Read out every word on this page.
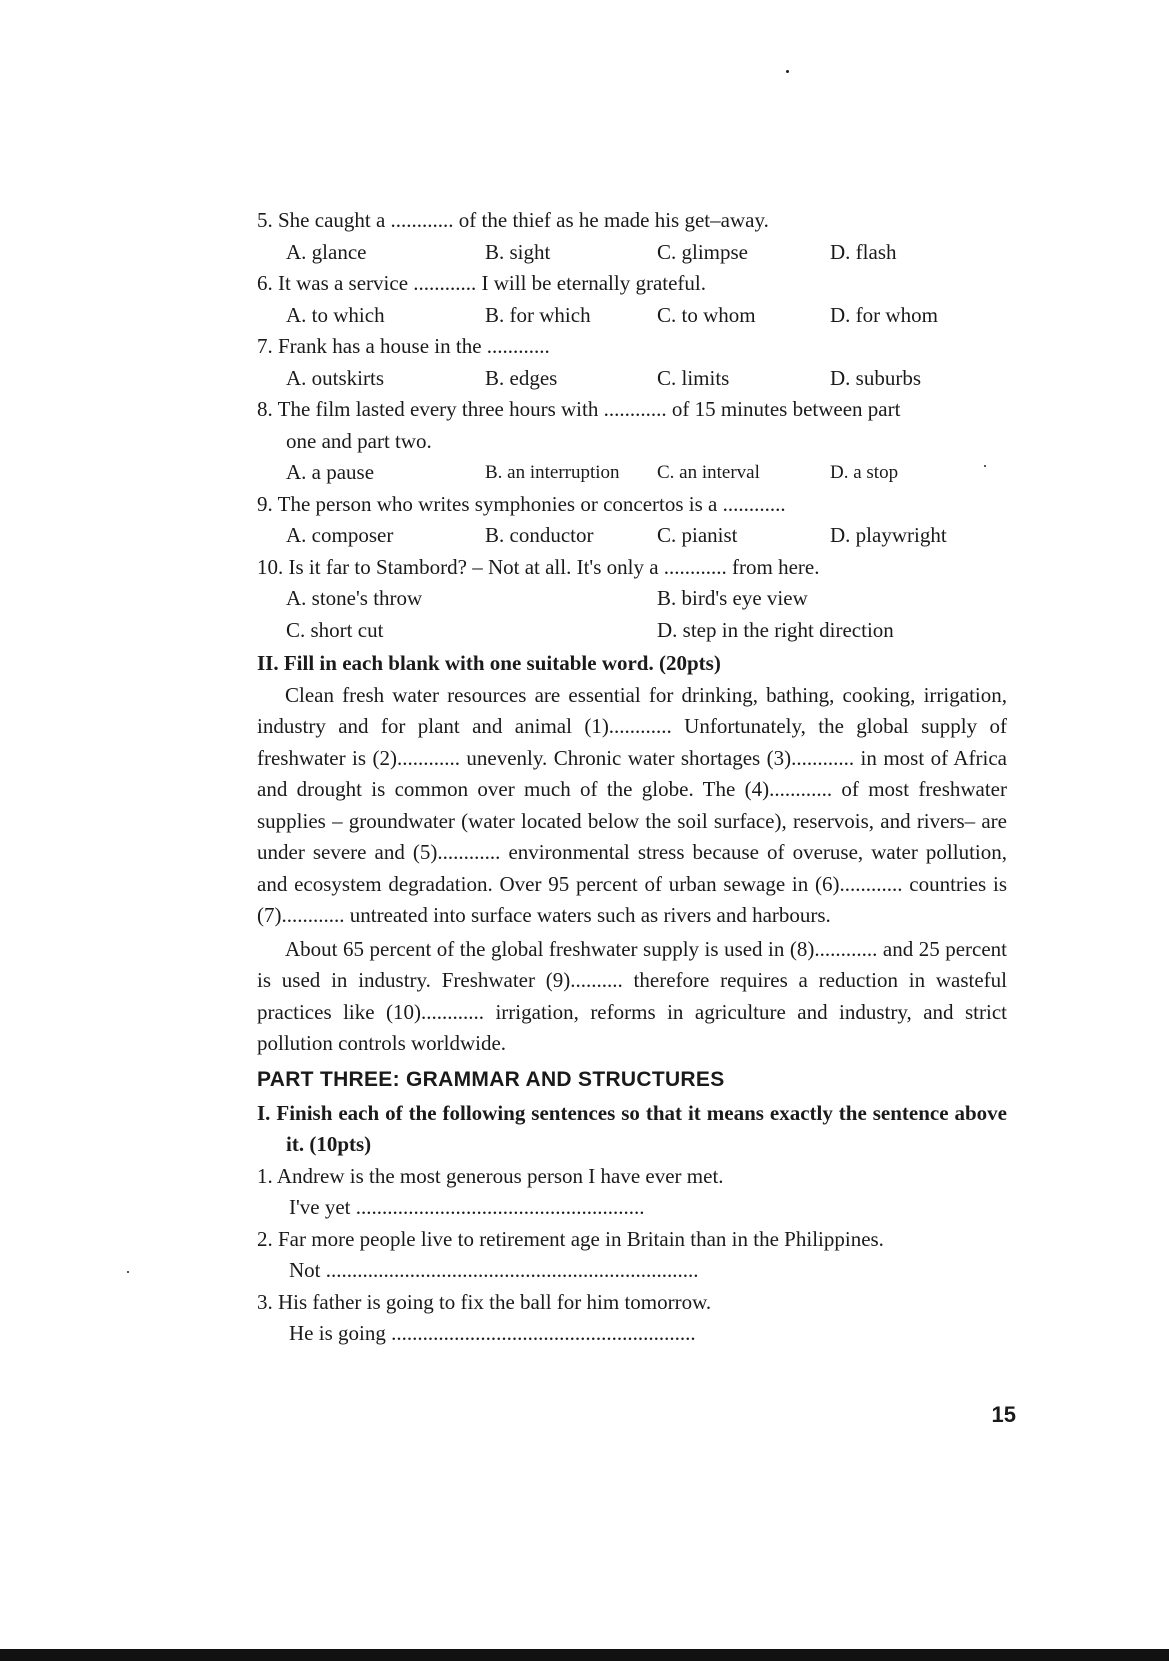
5. She caught a ............ of the thief as he made his get–away.
A. glance	B. sight	C. glimpse	D. flash
6. It was a service ............ I will be eternally grateful.
A. to which	B. for which	C. to whom	D. for whom
7. Frank has a house in the ............
A. outskirts	B. edges	C. limits	D. suburbs
8. The film lasted every three hours with ............ of 15 minutes between part
one and part two.
A. a pause	B. an interruption C. an interval	D. a stop
9. The person who writes symphonies or concertos is a ............
A. composer	B. conductor	C. pianist	D. playwright
10. Is it far to Stambord? – Not at all. It's only a ............ from here.
A. stone's throw	B. bird's eye view
C. short cut	D. step in the right direction
II. Fill in each blank with one suitable word. (20pts)
Clean fresh water resources are essential for drinking, bathing, cooking, irrigation, industry and for plant and animal (1)............ Unfortunately, the global supply of freshwater is (2)............ unevenly. Chronic water shortages (3)............ in most of Africa and drought is common over much of the globe. The (4)............ of most freshwater supplies – groundwater (water located below the soil surface), reservois, and rivers– are under severe and (5)............ environmental stress because of overuse, water pollution, and ecosystem degradation. Over 95 percent of urban sewage in (6)............ countries is (7)............ untreated into surface waters such as rivers and harbours.
About 65 percent of the global freshwater supply is used in (8)............ and 25 percent is used in industry. Freshwater (9).......... therefore requires a reduction in wasteful practices like (10)............ irrigation, reforms in agriculture and industry, and strict pollution controls worldwide.
PART THREE: GRAMMAR AND STRUCTURES
I. Finish each of the following sentences so that it means exactly the sentence above it. (10pts)
1. Andrew is the most generous person I have ever met.
I've yet .......................................................
2. Far more people live to retirement age in Britain than in the Philippines.
Not .......................................................................
3. His father is going to fix the ball for him tomorrow.
He is going ..........................................................
15
